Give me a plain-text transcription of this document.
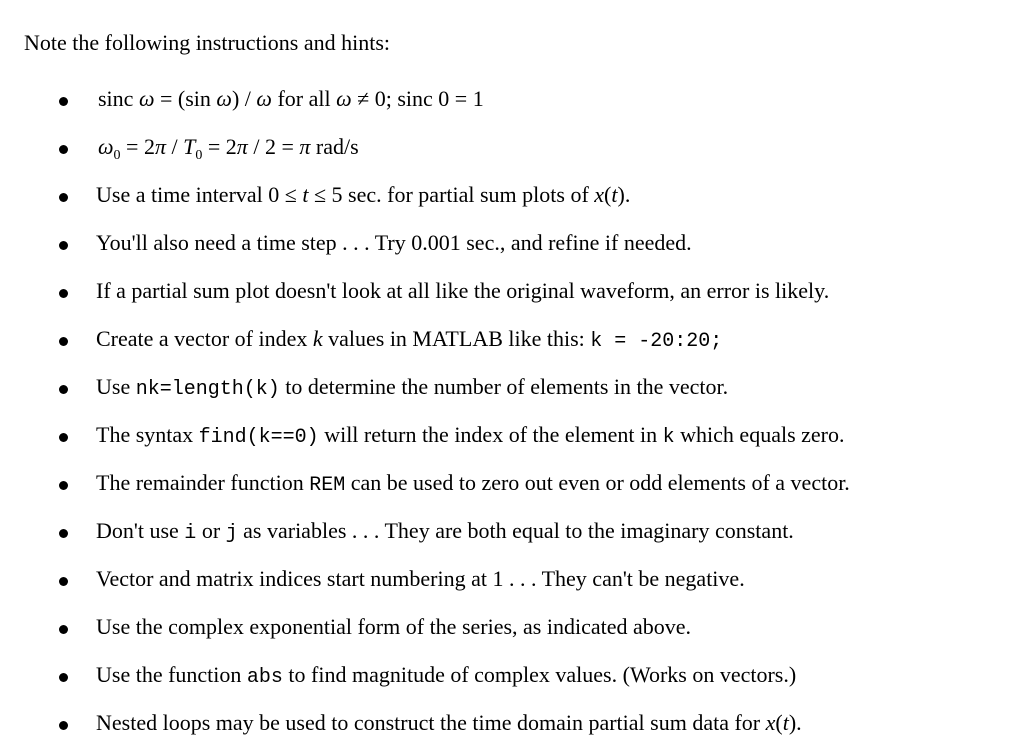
Note the following instructions and hints:
sinc ω = (sin ω) / ω for all ω ≠ 0; sinc 0 = 1
$\omega_0 = 2\pi / T_0 = 2\pi / 2 = \pi$ rad/s
Use a time interval 0 ≤ t ≤ 5 sec. for partial sum plots of x(t).
You'll also need a time step . . . Try 0.001 sec., and refine if needed.
If a partial sum plot doesn't look at all like the original waveform, an error is likely.
Create a vector of index k values in MATLAB like this: k = -20:20;
Use nk=length(k) to determine the number of elements in the vector.
The syntax find(k==0) will return the index of the element in k which equals zero.
The remainder function REM can be used to zero out even or odd elements of a vector.
Don't use i or j as variables . . . They are both equal to the imaginary constant.
Vector and matrix indices start numbering at 1 . . . They can't be negative.
Use the complex exponential form of the series, as indicated above.
Use the function abs to find magnitude of complex values. (Works on vectors.)
Nested loops may be used to construct the time domain partial sum data for x(t).
